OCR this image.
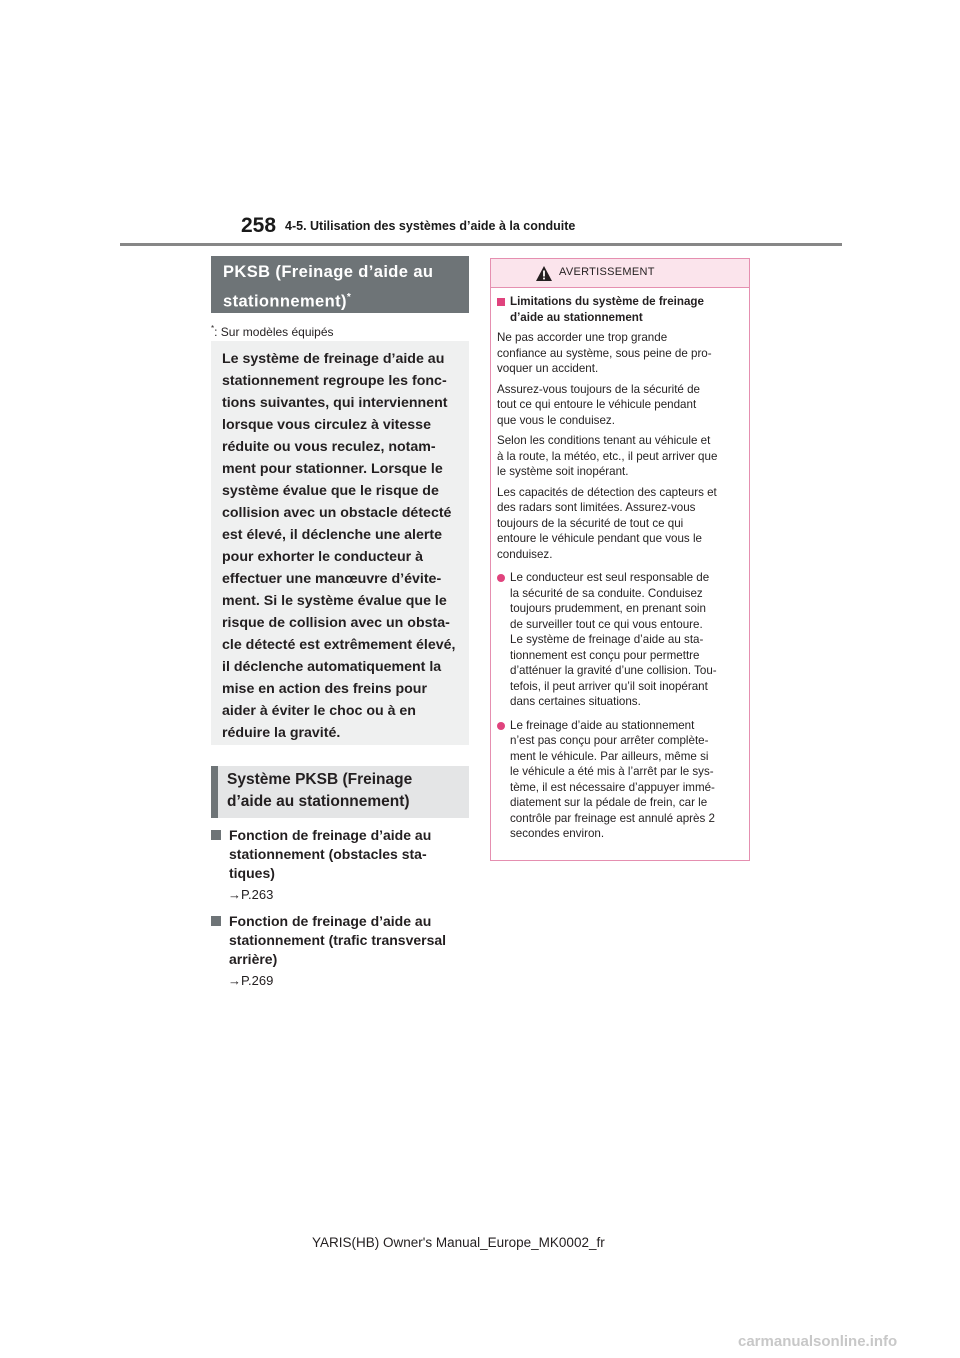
258 4-5. Utilisation des systèmes d’aide à la conduite
PKSB (Freinage d’aide au stationnement)*
*: Sur modèles équipés

Le système de freinage d’aide au

stationnement regroupe les fonc-

tions suivantes, qui interviennent

lorsque vous circulez à vitesse

réduite ou vous reculez, notam-

ment pour stationner. Lorsque le

système évalue que le risque de

collision avec un obstacle détecté

est élevé, il déclenche une alerte

pour exhorter le conducteur à

effectuer une manœuvre d’évite-

ment. Si le système évalue que le

risque de collision avec un obsta-

cle détecté est extrêmement élevé,

il déclenche automatiquement la

mise en action des freins pour

aider à éviter le choc ou à en

réduire la gravité.

Système PKSB (Freinage
d’aide au stationnement)
Fonction de freinage d’aide au
stationnement (obstacles sta-
tiques)
→P.263
Fonction de freinage d’aide au
stationnement (trafic transversal
arrière)
→P.269
AVERTISSEMENT
Limitations du système de freinage
d’aide au stationnement

Ne pas accorder une trop grande
confiance au système, sous peine de pro-
voquer un accident.

Assurez-vous toujours de la sécurité de
tout ce qui entoure le véhicule pendant
que vous le conduisez.

Selon les conditions tenant au véhicule et
à la route, la météo, etc., il peut arriver que
le système soit inopérant.

Les capacités de détection des capteurs et
des radars sont limitées. Assurez-vous
toujours de la sécurité de tout ce qui
entoure le véhicule pendant que vous le
conduisez.

Le conducteur est seul responsable de
la sécurité de sa conduite. Conduisez
toujours prudemment, en prenant soin
de surveiller tout ce qui vous entoure.
Le système de freinage d’aide au sta-
tionnement est conçu pour permettre
d’atténuer la gravité d’une collision. Tou-
tefois, il peut arriver qu’il soit inopérant
dans certaines situations.
Le freinage d’aide au stationnement
n’est pas conçu pour arrêter complète-
ment le véhicule. Par ailleurs, même si
le véhicule a été mis à l’arrêt par le sys-
tème, il est nécessaire d’appuyer immé-
diatement sur la pédale de frein, car le
contrôle par freinage est annulé après 2
secondes environ.
YARIS(HB) Owner's Manual_Europe_MK0002_fr
carmanualsonline.info
